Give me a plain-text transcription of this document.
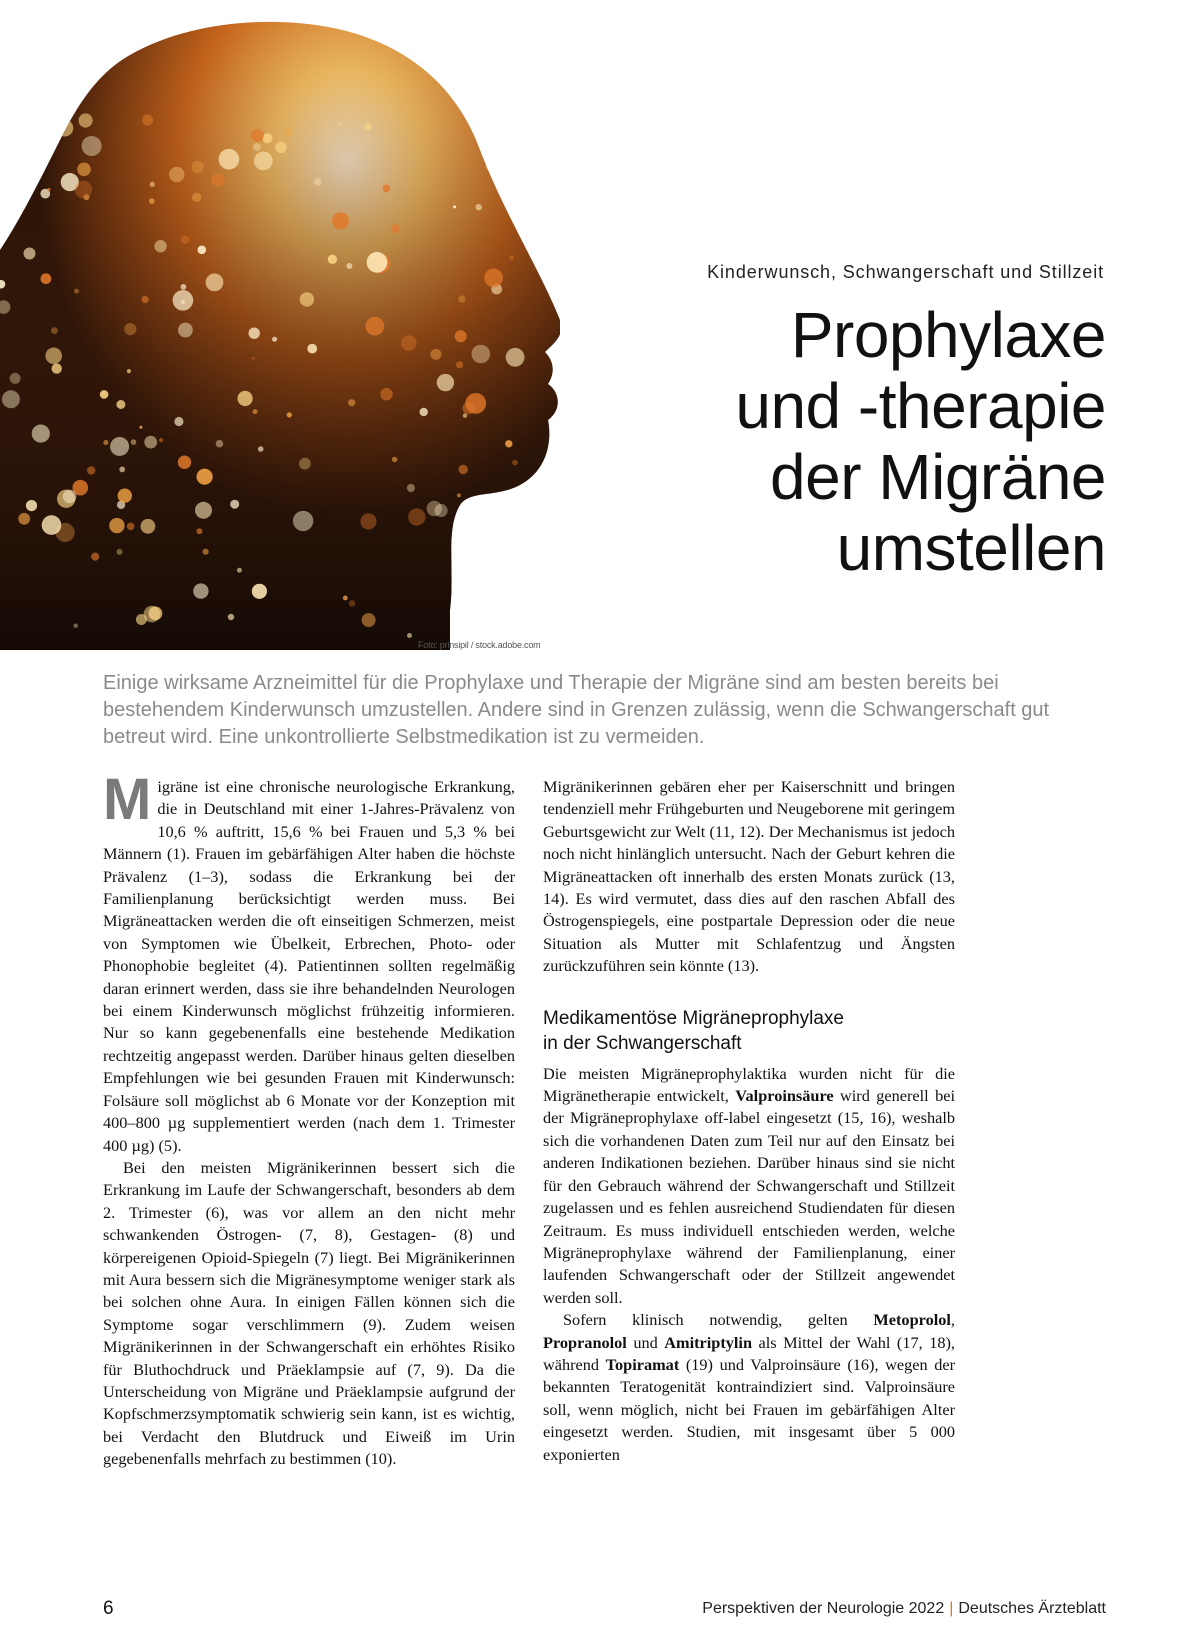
Foto: prinsipil / stock.adobe.com
Kinderwunsch, Schwangerschaft und Stillzeit
Prophylaxe
und -therapie
der Migräne
umstellen

Einige wirksame Arzneimittel für die Prophylaxe und Therapie der Migräne sind am besten bereits bei bestehendem Kinderwunsch umzustellen. Andere sind in Grenzen zulässig, wenn die Schwangerschaft gut betreut wird. Eine unkontrollierte Selbstmedikation ist zu vermeiden.

Migräne ist eine chronische neurologische Erkrankung, die in Deutschland mit einer 1-Jahres-Prävalenz von 10,6 % auftritt, 15,6 % bei Frauen und 5,3 % bei Männern (1). Frauen im gebärfähigen Alter haben die höchste Prävalenz (1–3), sodass die Erkrankung bei der Familienplanung berücksichtigt werden muss. Bei Migräneattacken werden die oft einseitigen Schmerzen, meist von Symptomen wie Übelkeit, Erbrechen, Photo- oder Phonophobie begleitet (4). Patientinnen sollten regelmäßig daran erinnert werden, dass sie ihre behandelnden Neurologen bei einem Kinderwunsch möglichst frühzeitig informieren. Nur so kann gegebenenfalls eine bestehende Medikation rechtzeitig angepasst werden. Darüber hinaus gelten dieselben Empfehlungen wie bei gesunden Frauen mit Kinderwunsch: Folsäure soll möglichst ab 6 Monate vor der Konzeption mit 400–800 µg supplementiert werden (nach dem 1. Trimester 400 µg) (5).

Bei den meisten Migränikerinnen bessert sich die Erkrankung im Laufe der Schwangerschaft, besonders ab dem 2. Trimester (6), was vor allem an den nicht mehr schwankenden Östrogen- (7, 8), Gestagen- (8) und körpereigenen Opioid-Spiegeln (7) liegt. Bei Migränikerinnen mit Aura bessern sich die Migränesymptome weniger stark als bei solchen ohne Aura. In einigen Fällen können sich die Symptome sogar verschlimmern (9). Zudem weisen Migränikerinnen in der Schwangerschaft ein erhöhtes Risiko für Bluthochdruck und Präeklampsie auf (7, 9). Da die Unterscheidung von Migräne und Präeklampsie aufgrund der Kopfschmerzsymptomatik schwierig sein kann, ist es wichtig, bei Verdacht den Blutdruck und Eiweiß im Urin gegebenenfalls mehrfach zu bestimmen (10).

Migränikerinnen gebären eher per Kaiserschnitt und bringen tendenziell mehr Frühgeburten und Neugeborene mit geringem Geburtsgewicht zur Welt (11, 12). Der Mechanismus ist jedoch noch nicht hinlänglich untersucht. Nach der Geburt kehren die Migräneattacken oft innerhalb des ersten Monats zurück (13, 14). Es wird vermutet, dass dies auf den raschen Abfall des Östrogenspiegels, eine postpartale Depression oder die neue Situation als Mutter mit Schlafentzug und Ängsten zurückzuführen sein könnte (13).

Medikamentöse Migräneprophylaxe
in der Schwangerschaft

Die meisten Migräneprophylaktika wurden nicht für die Migränetherapie entwickelt, Valproinsäure wird generell bei der Migräneprophylaxe off-label eingesetzt (15, 16), weshalb sich die vorhandenen Daten zum Teil nur auf den Einsatz bei anderen Indikationen beziehen. Darüber hinaus sind sie nicht für den Gebrauch während der Schwangerschaft und Stillzeit zugelassen und es fehlen ausreichend Studiendaten für diesen Zeitraum. Es muss individuell entschieden werden, welche Migräneprophylaxe während der Familienplanung, einer laufenden Schwangerschaft oder der Stillzeit angewendet werden soll.

Sofern klinisch notwendig, gelten Metoprolol, Propranolol und Amitriptylin als Mittel der Wahl (17, 18), während Topiramat (19) und Valproinsäure (16), wegen der bekannten Teratogenität kontraindiziert sind. Valproinsäure soll, wenn möglich, nicht bei Frauen im gebärfähigen Alter eingesetzt werden. Studien, mit insgesamt über 5 000 exponierten

6	Perspektiven der Neurologie 2022 | Deutsches Ärzteblatt
